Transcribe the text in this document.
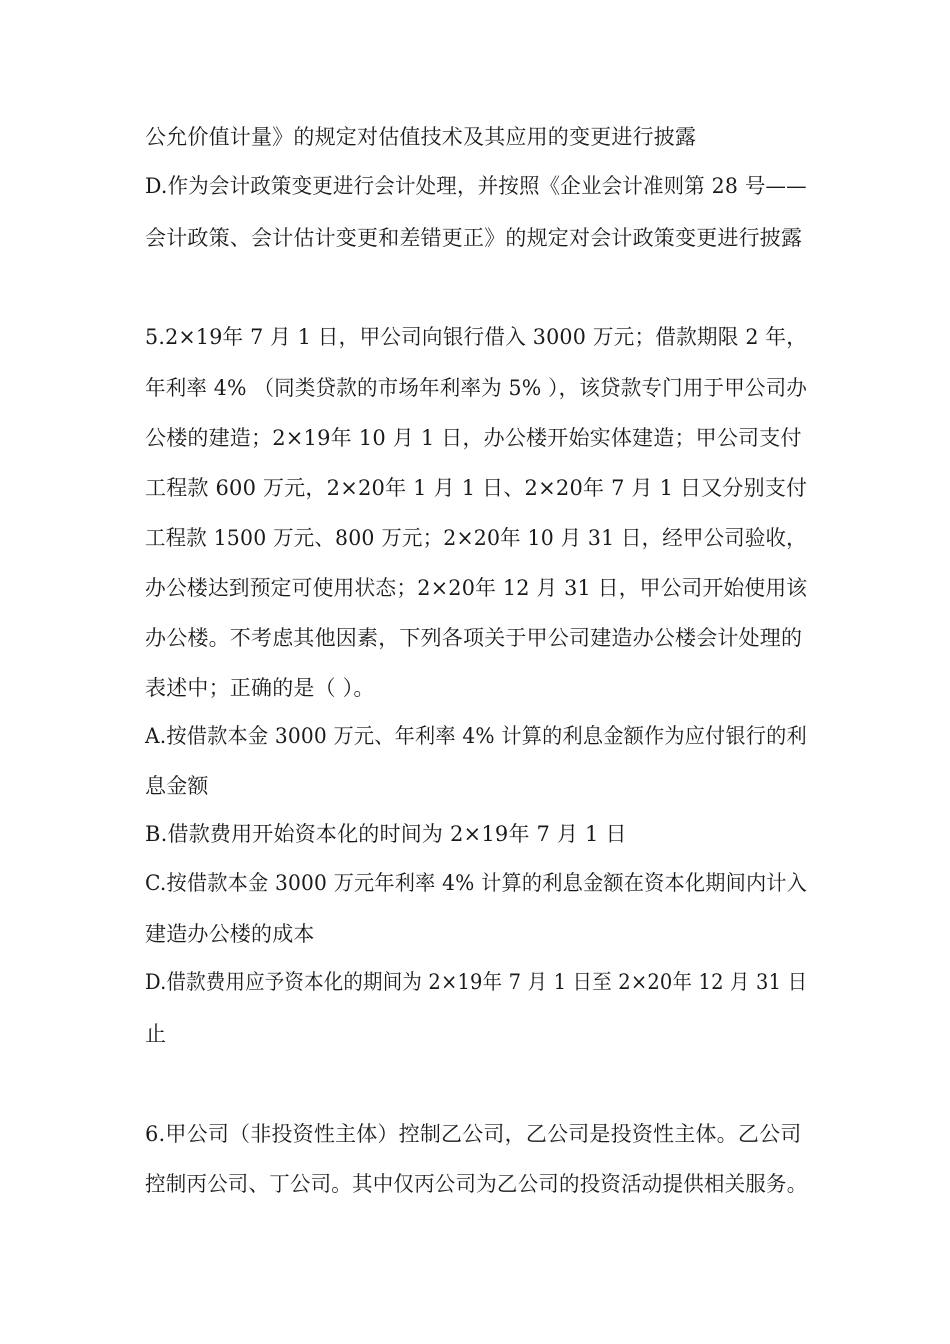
公允价值计量》的规定对估值技术及其应用的变更进行披露
D.作为会计政策变更进行会计处理，并按照《企业会计准则第 28 号——
会计政策、会计估计变更和差错更正》的规定对会计政策变更进行披露
5.2×19年 7 月 1 日，甲公司向银行借入 3000 万元；借款期限 2 年，
年利率 4% （同类贷款的市场年利率为 5% ），该贷款专门用于甲公司办
公楼的建造；2×19年 10 月 1 日，办公楼开始实体建造；甲公司支付
工程款 600 万元，2×20年 1 月 1 日、2×20年 7 月 1 日又分别支付
工程款 1500 万元、800 万元；2×20年 10 月 31 日，经甲公司验收，
办公楼达到预定可使用状态；2×20年 12 月 31 日，甲公司开始使用该
办公楼。不考虑其他因素，下列各项关于甲公司建造办公楼会计处理的
表述中；正确的是（ ）。
A.按借款本金 3000 万元、年利率 4% 计算的利息金额作为应付银行的利
息金额
B.借款费用开始资本化的时间为 2×19年 7 月 1 日
C.按借款本金 3000 万元年利率 4% 计算的利息金额在资本化期间内计入
建造办公楼的成本
D.借款费用应予资本化的期间为 2×19年 7 月 1 日至 2×20年 12 月 31 日
止
6.甲公司（非投资性主体）控制乙公司，乙公司是投资性主体。乙公司
控制丙公司、丁公司。其中仅丙公司为乙公司的投资活动提供相关服务。
